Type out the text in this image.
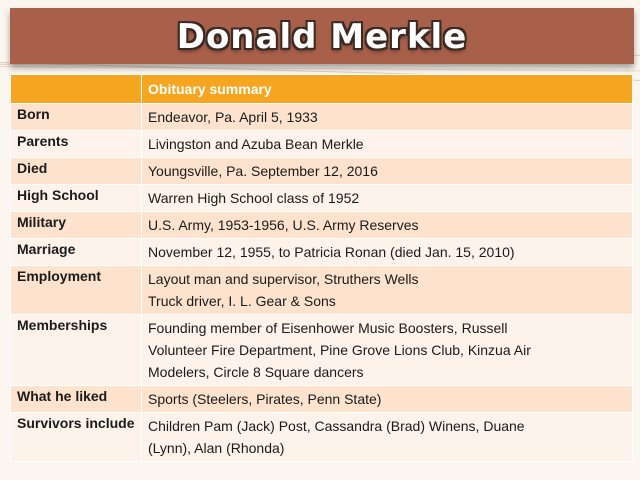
Donald Merkle
	Obituary summary
Born	Endeavor, Pa. April 5, 1933

Parents	Livingston and Azuba Bean Merkle

Died	Youngsville, Pa. September 12, 2016

High School	Warren High School class of 1952

Military	U.S. Army, 1953-1956, U.S. Army Reserves

Marriage	November 12, 1955, to Patricia Ronan (died Jan. 15, 2010)

Employment	Layout man and supervisor, Struthers Wells
Truck driver, I. L. Gear & Sons

Memberships	Founding member of Eisenhower Music Boosters, Russell
Volunteer Fire Department, Pine Grove Lions Club, Kinzua Air
Modelers, Circle 8 Square dancers

What he liked	Sports (Steelers, Pirates, Penn State)

Survivors include	Children Pam (Jack) Post, Cassandra (Brad) Winens, Duane
(Lynn), Alan (Rhonda)
